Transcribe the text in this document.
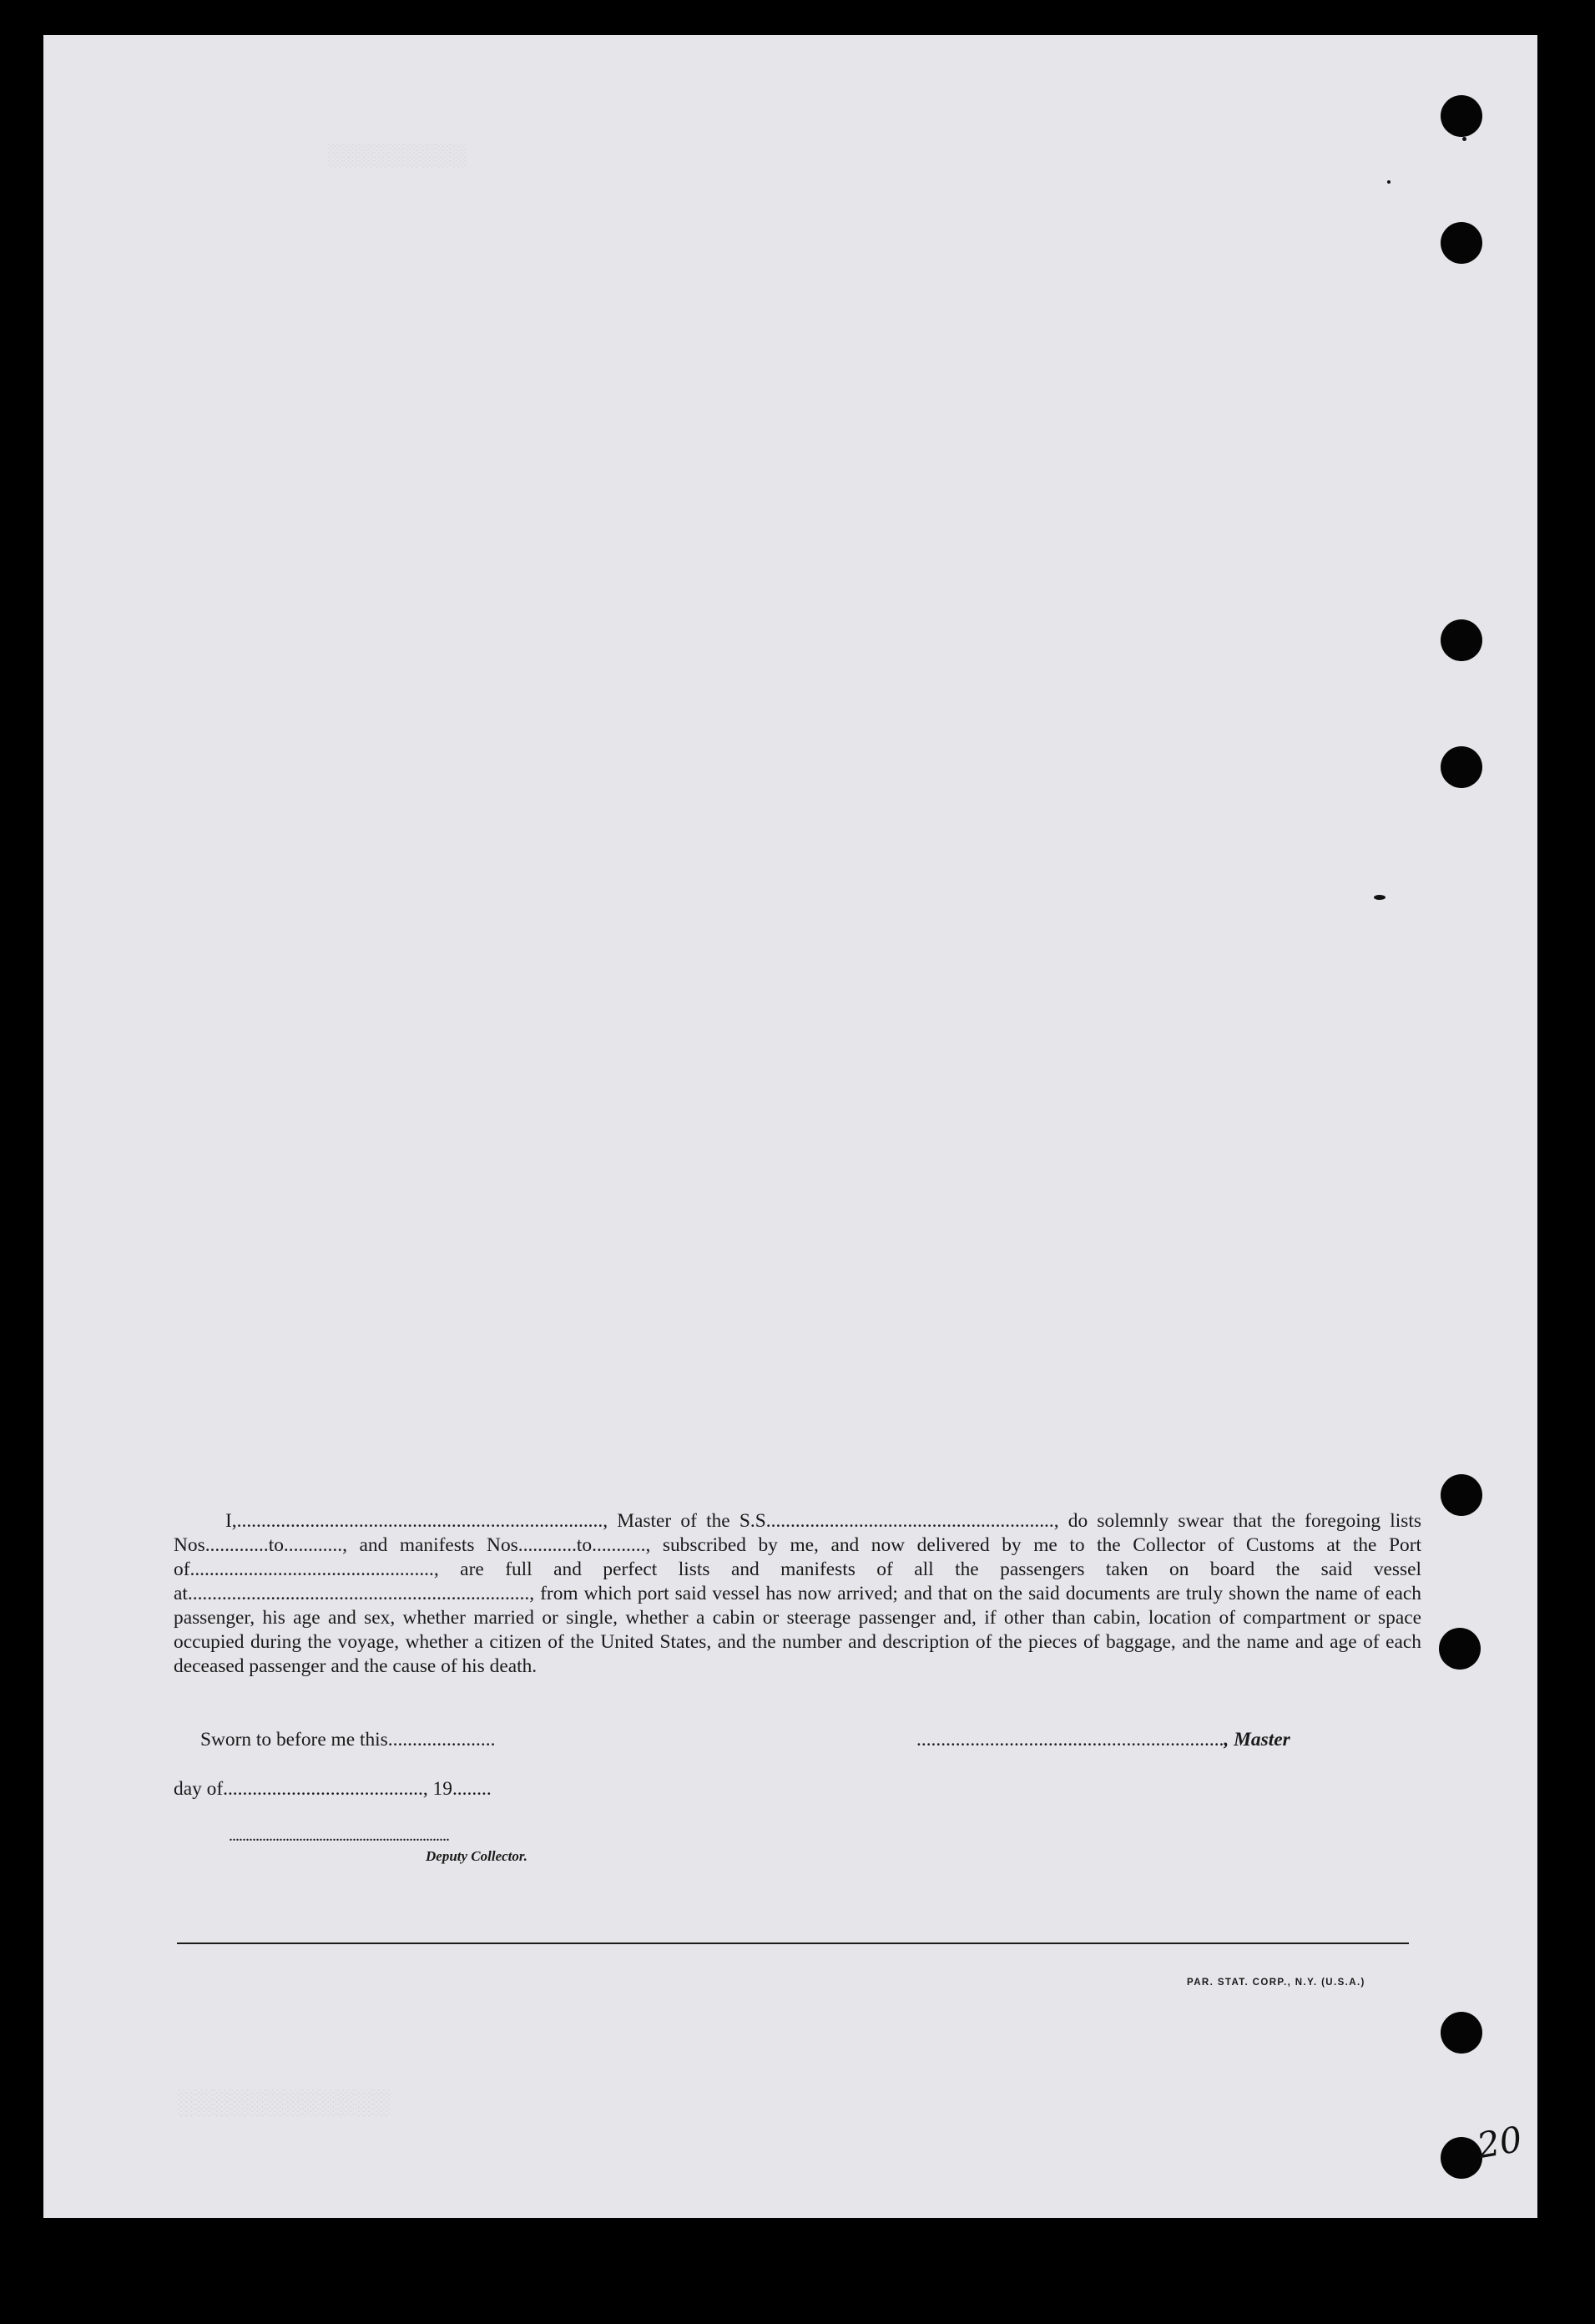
░░░░░░░░░
░░░░░░░░░░░░

I,..........................................................................., Master of the S.S..........................................................., do solemnly swear that the foregoing lists Nos.............to............, and manifests Nos............to..........., subscribed by me, and now delivered by me to the Collector of Customs at the Port of.................................................., are full and perfect lists and manifests of all the passengers taken on board the said vessel at......................................................................, from which port said vessel has now arrived; and that on the said documents are truly shown the name of each passenger, his age and sex, whether married or single, whether a cabin or steerage passenger and, if other than cabin, location of compartment or space occupied during the voyage, whether a citizen of the United States, and the number and description of the pieces of baggage, and the name and age of each deceased passenger and the cause of his death.

Sworn to before me this......................	..............................................................., Master
day of........................................., 19........
..................................................................
Deputy Collector.
PAR. STAT. CORP., N.Y. (U.S.A.)
20
